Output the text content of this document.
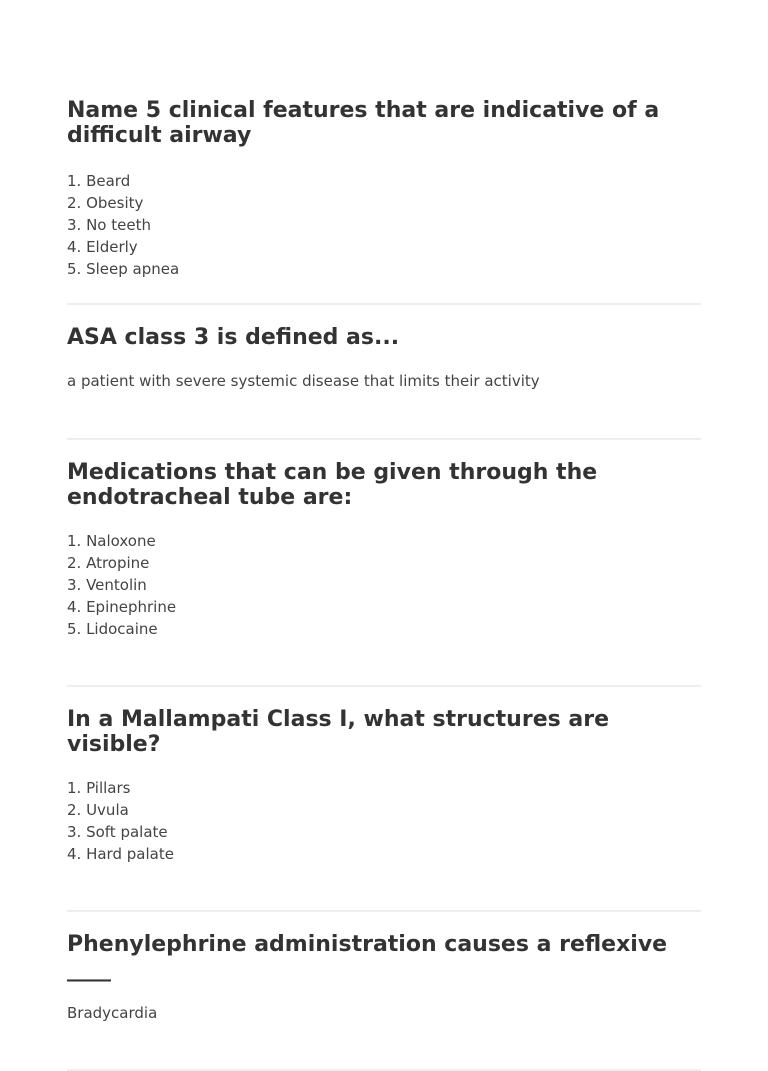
Name 5 clinical features that are indicative of a difficult airway
1. Beard
2. Obesity
3. No teeth
4. Elderly
5. Sleep apnea
ASA class 3 is defined as...
a patient with severe systemic disease that limits their activity
Medications that can be given through the endotracheal tube are:
1. Naloxone
2. Atropine
3. Ventolin
4. Epinephrine
5. Lidocaine
In a Mallampati Class I, what structures are visible?
1. Pillars
2. Uvula
3. Soft palate
4. Hard palate
Phenylephrine administration causes a reflexive ____
Bradycardia
